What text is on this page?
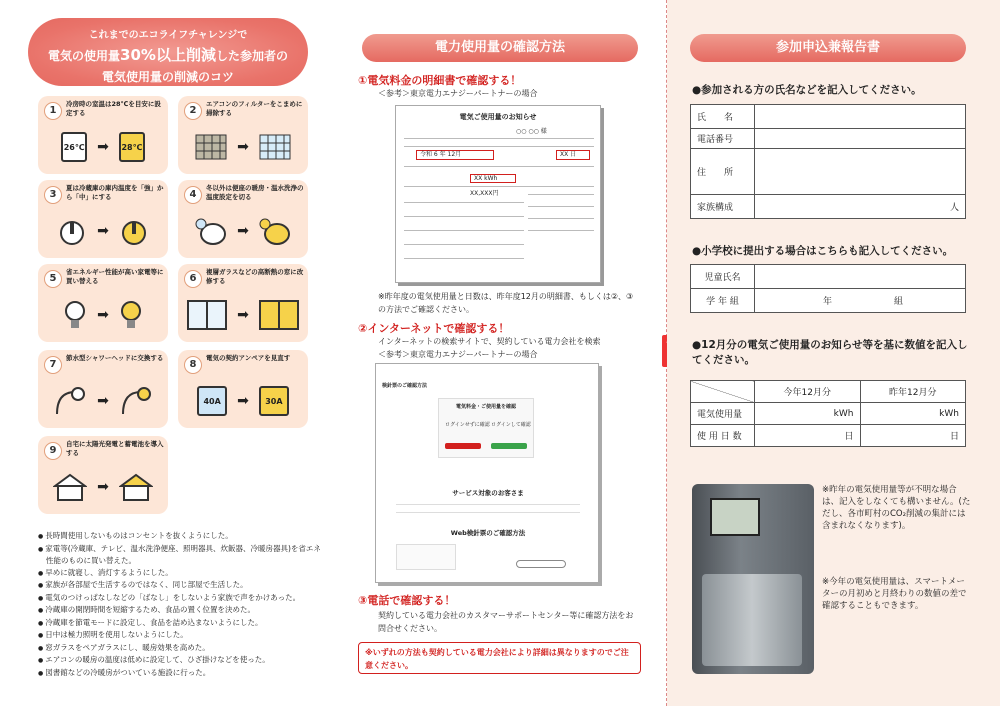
これまでのエコライフチャレンジで
電気の使用量30%以上削減した参加者の
電気使用量の削減のコツ
1
冷房時の室温は28℃を目安に設定する
26℃ ➡	28℃
2
エアコンのフィルターをこまめに掃除する
➡
3
夏は冷蔵庫の庫内温度を「強」から「中」にする
➡
4
冬以外は便座の暖房・温水洗浄の温度設定を切る
➡
5
省エネルギー性能が高い家電等に買い替える
➡
6
複層ガラスなどの高断熱の窓に改修する
➡
7
節水型シャワーヘッドに交換する
➡
8
電気の契約アンペアを見直す
40A	➡	30A
9
自宅に太陽光発電と蓄電池を導入する
➡
● 長時間使用しないものはコンセントを抜くようにした。
● 家電等(冷蔵庫、テレビ、温水洗浄便座、照明器具、炊飯器、冷暖房器具)を省エネ性能のものに買い替えた。
● 早めに就寝し、消灯するようにした。
● 家族が各部屋で生活するのではなく、同じ部屋で生活した。
● 電気のつけっぱなしなどの「ばなし」をしないよう家族で声をかけあった。
● 冷蔵庫の開閉時間を短縮するため、食品の置く位置を決めた。
● 冷蔵庫を節電モードに設定し、食品を詰め込まないようにした。
● 日中は極力照明を使用しないようにした。
● 窓ガラスをペアガラスにし、暖房効果を高めた。
● エアコンの暖房の温度は低めに設定して、ひざ掛けなどを使った。
● 図書館などの冷暖房がついている施設に行った。
電力使用量の確認方法
①電気料金の明細書で確認する！
＜参考＞東京電力エナジーパートナーの場合
電気ご使用量のお知らせ
○○ ○○ 様
令和 6 年 12月	XX 日
XX kWh
XX,XXX円
※昨年度の電気使用量と日数は、昨年度12月の明細書、もしくは②、③の方法でご確認ください。
②インターネットで確認する！
インターネットの検索サイトで、契約している電力会社を検索
＜参考＞東京電力エナジーパートナーの場合
検針票のご確認方法
電気料金・ご使用量を確認
ログインせずに確認 ログインして確認
サービス対象のお客さま
Web検針票のご確認方法
③電話で確認する！
契約している電力会社のカスタマーサポートセンター等に確認方法をお問合せください。
※いずれの方法も契約している電力会社により詳細は異なりますのでご注意ください。
参加申込兼報告書
●参加される方の氏名などを記入してください。
氏　　名	
電話番号	
住　　所	
家族構成	人
●小学校に提出する場合はこちらも記入してください。
児童氏名	
学 年 組	年 組
●12月分の電気ご使用量のお知らせ等を基に数値を記入してください。
	今年12月分	昨年12月分
電気使用量	kWh	kWh
使 用 日 数	日	日
※昨年の電気使用量等が不明な場合は、記入をしなくても構いません。(ただし、各市町村のCO₂削減の集計には含まれなくなります)。
※今年の電気使用量は、スマートメーターの月初めと月終わりの数値の差で確認することもできます。
